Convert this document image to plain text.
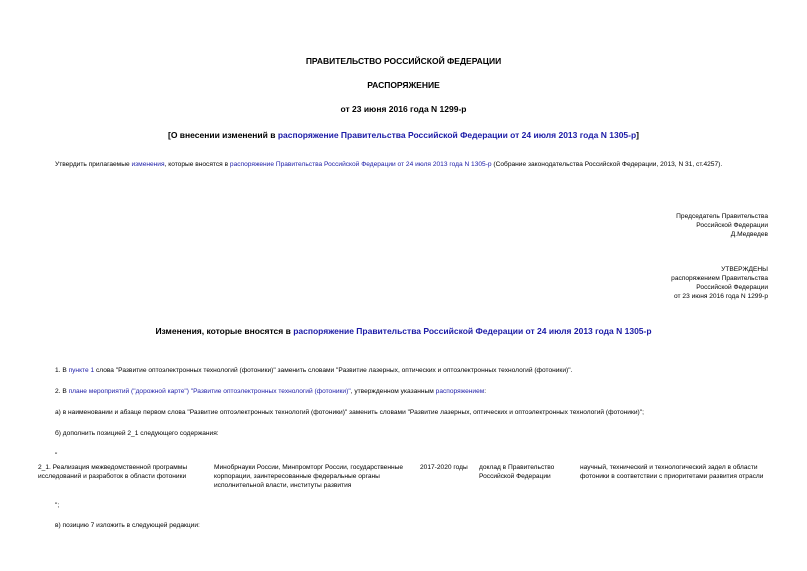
ПРАВИТЕЛЬСТВО РОССИЙСКОЙ ФЕДЕРАЦИИ
РАСПОРЯЖЕНИЕ
от 23 июня 2016 года N 1299-р
[О внесении изменений в распоряжение Правительства Российской Федерации от 24 июля 2013 года N 1305-р]
Утвердить прилагаемые изменения, которые вносятся в распоряжение Правительства Российской Федерации от 24 июля 2013 года N 1305-р (Собрание законодательства Российской Федерации, 2013, N 31, ст.4257).
Председатель Правительства
Российской Федерации
Д.Медведев
УТВЕРЖДЕНЫ
распоряжением Правительства
Российской Федерации
от 23 июня 2016 года N 1299-р
Изменения, которые вносятся в распоряжение Правительства Российской Федерации от 24 июля 2013 года N 1305-р
1. В пункте 1 слова "Развитие оптоэлектронных технологий (фотоники)" заменить словами "Развитие лазерных, оптических и оптоэлектронных технологий (фотоники)".
2. В плане мероприятий ("дорожной карте") "Развитие оптоэлектронных технологий (фотоники)", утвержденном указанным распоряжением:
а) в наименовании и абзаце первом слова "Развитие оптоэлектронных технологий (фотоники)" заменить словами "Развитие лазерных, оптических и оптоэлектронных технологий (фотоники)";
б) дополнить позицией 2_1 следующего содержания:
"
2_1. Реализация межведомственной программы исследований и разработок в области фотоники
Минобрнауки России, Минпромторг России, государственные корпорации, заинтересованные федеральные органы исполнительной власти, институты развития
2017-2020 годы	доклад в Правительство Российской Федерации
научный, технический и технологический задел в области фотоники в соответствии с приоритетами развития отрасли
";
в) позицию 7 изложить в следующей редакции:
